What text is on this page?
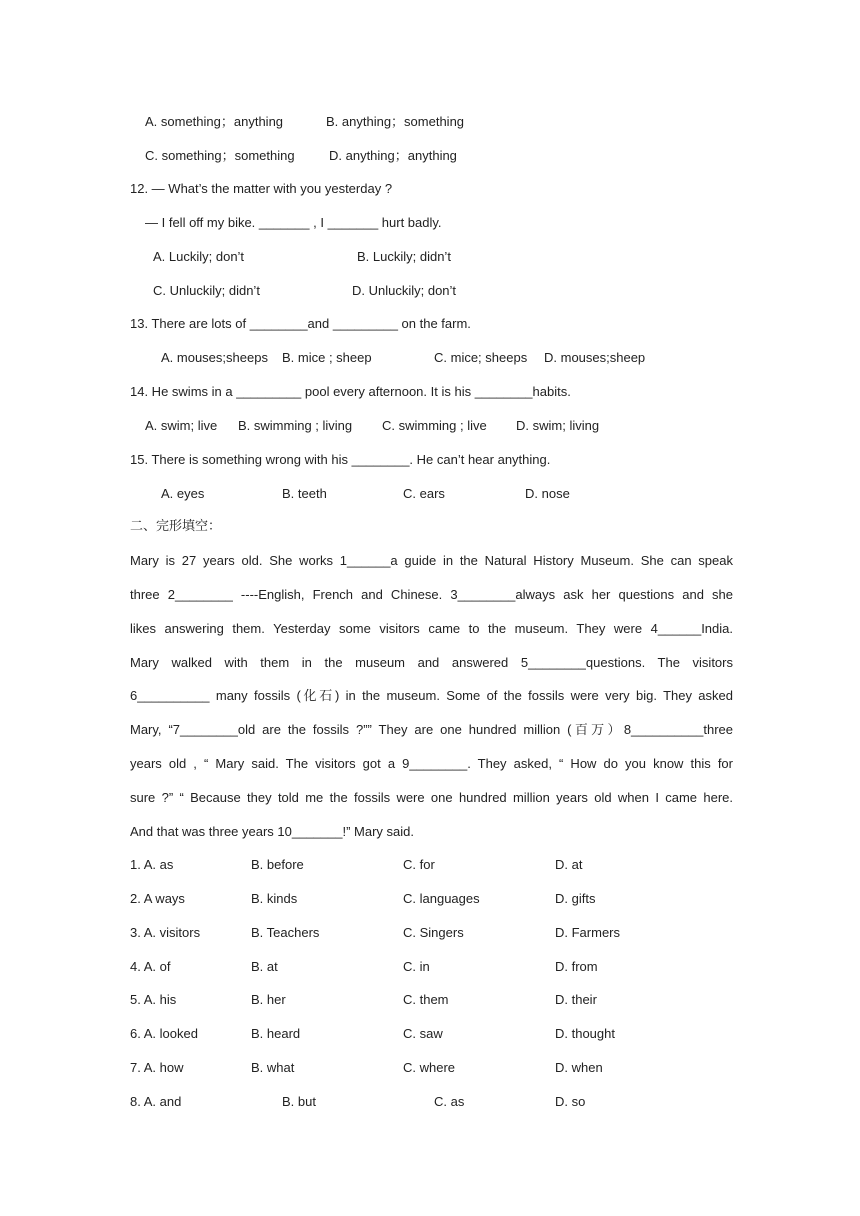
A. something；anything	B. anything；something
C. something；something	D. anything；anything
12. — What’s the matter with you yesterday ?
— I fell off my bike. _______ , I _______ hurt badly.
A. Luckily; don’t	B. Luckily; didn’t
C. Unluckily; didn’t	D. Unluckily; don’t
13. There are lots of ________and _________ on the farm.
A. mouses;sheeps B. mice ; sheep	C. mice; sheeps D. mouses;sheep
14. He swims in a _________ pool every afternoon. It is his ________habits.
A. swim; live B. swimming ; living C. swimming ; live D. swim; living
15. There is something wrong with his ________. He can’t hear anything.
A. eyes	B. teeth	C. ears	D. nose
二、完形填空：
Mary is 27 years old. She works 1______a guide in the Natural History Museum. She can speak
three 2________ ----English, French and Chinese. 3________always ask her questions and she
likes answering them. Yesterday some visitors came to the museum. They were 4______India.
Mary walked with them in the museum and answered 5________questions. The visitors
6__________ many fossils (化石) in the museum. Some of the fossils were very big. They asked
Mary, “7________old are the fossils ?”” They are one hundred million (百万）8__________three
years old , “ Mary said. The visitors got a 9________. They asked, “ How do you know this for
sure ?” “ Because they told me the fossils were one hundred million years old when I came here.
And that was three years 10_______!” Mary said.
1. A. as	B. before	C. for	D. at
2. A ways	B. kinds	C. languages	D. gifts
3. A. visitors	B. Teachers	C. Singers	D. Farmers
4. A. of	B. at	C. in	D. from
5. A. his	B. her	C. them	D. their
6. A. looked	B. heard	C. saw	D. thought
7. A. how	B. what	C. where	D. when
8. A. and	B. but	C. as	D. so
